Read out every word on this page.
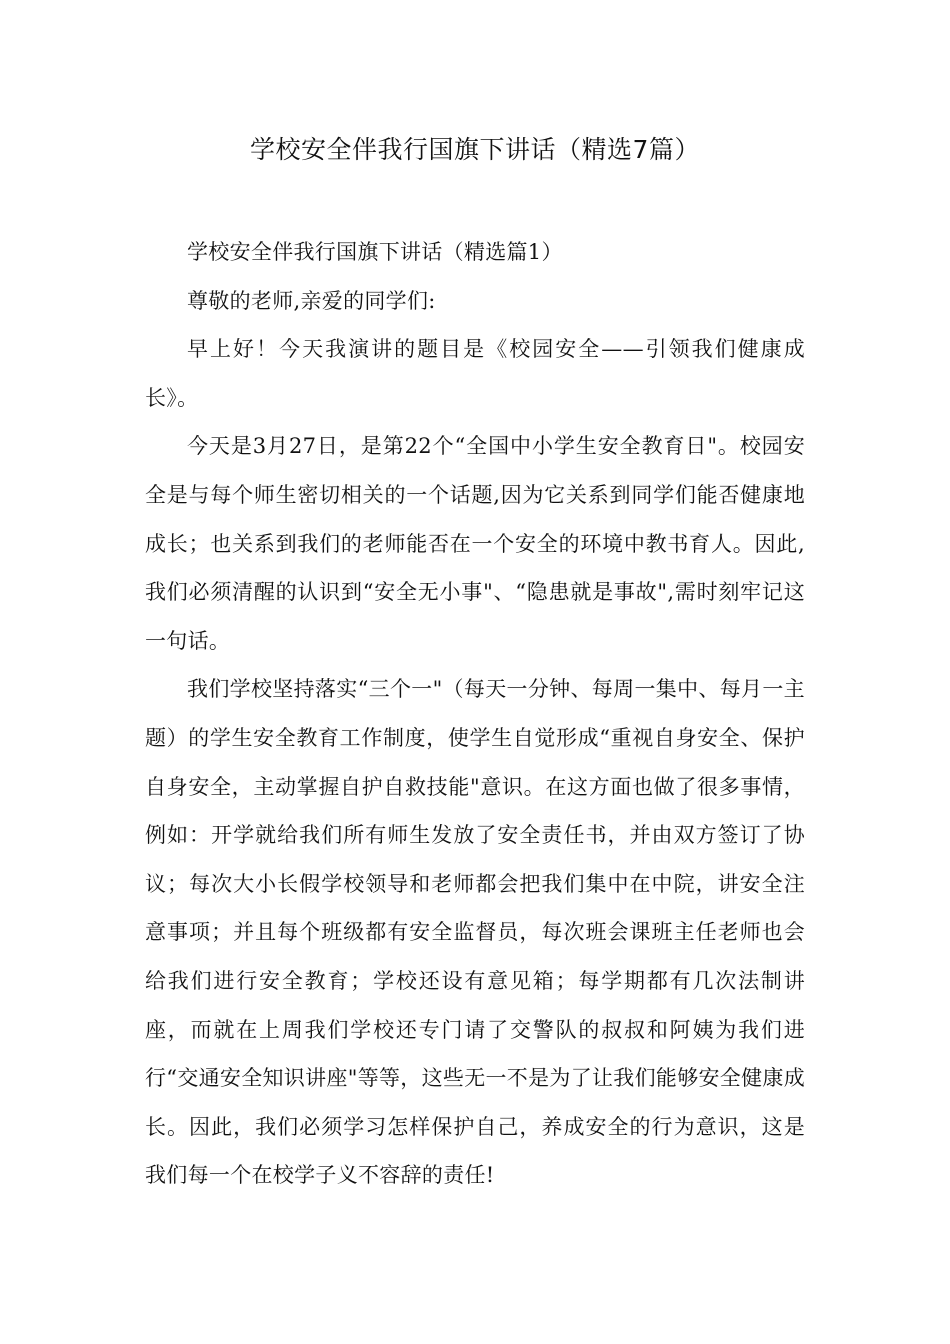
学校安全伴我行国旗下讲话（精选7篇）

学校安全伴我行国旗下讲话（精选篇1）

尊敬的老师,亲爱的同学们:

早上好！今天我演讲的题目是《校园安全——引领我们健康成长》。

今天是3月27日，是第22个“全国中小学生安全教育日"。校园安全是与每个师生密切相关的一个话题,因为它关系到同学们能否健康地成长；也关系到我们的老师能否在一个安全的环境中教书育人。因此,我们必须清醒的认识到“安全无小事"、“隐患就是事故",需时刻牢记这一句话。

我们学校坚持落实“三个一"（每天一分钟、每周一集中、每月一主题）的学生安全教育工作制度，使学生自觉形成“重视自身安全、保护自身安全，主动掌握自护自救技能"意识。在这方面也做了很多事情，例如：开学就给我们所有师生发放了安全责任书，并由双方签订了协议；每次大小长假学校领导和老师都会把我们集中在中院，讲安全注意事项；并且每个班级都有安全监督员，每次班会课班主任老师也会给我们进行安全教育；学校还设有意见箱；每学期都有几次法制讲座，而就在上周我们学校还专门请了交警队的叔叔和阿姨为我们进行“交通安全知识讲座"等等，这些无一不是为了让我们能够安全健康成长。因此，我们必须学习怎样保护自己，养成安全的行为意识，这是我们每一个在校学子义不容辞的责任!
